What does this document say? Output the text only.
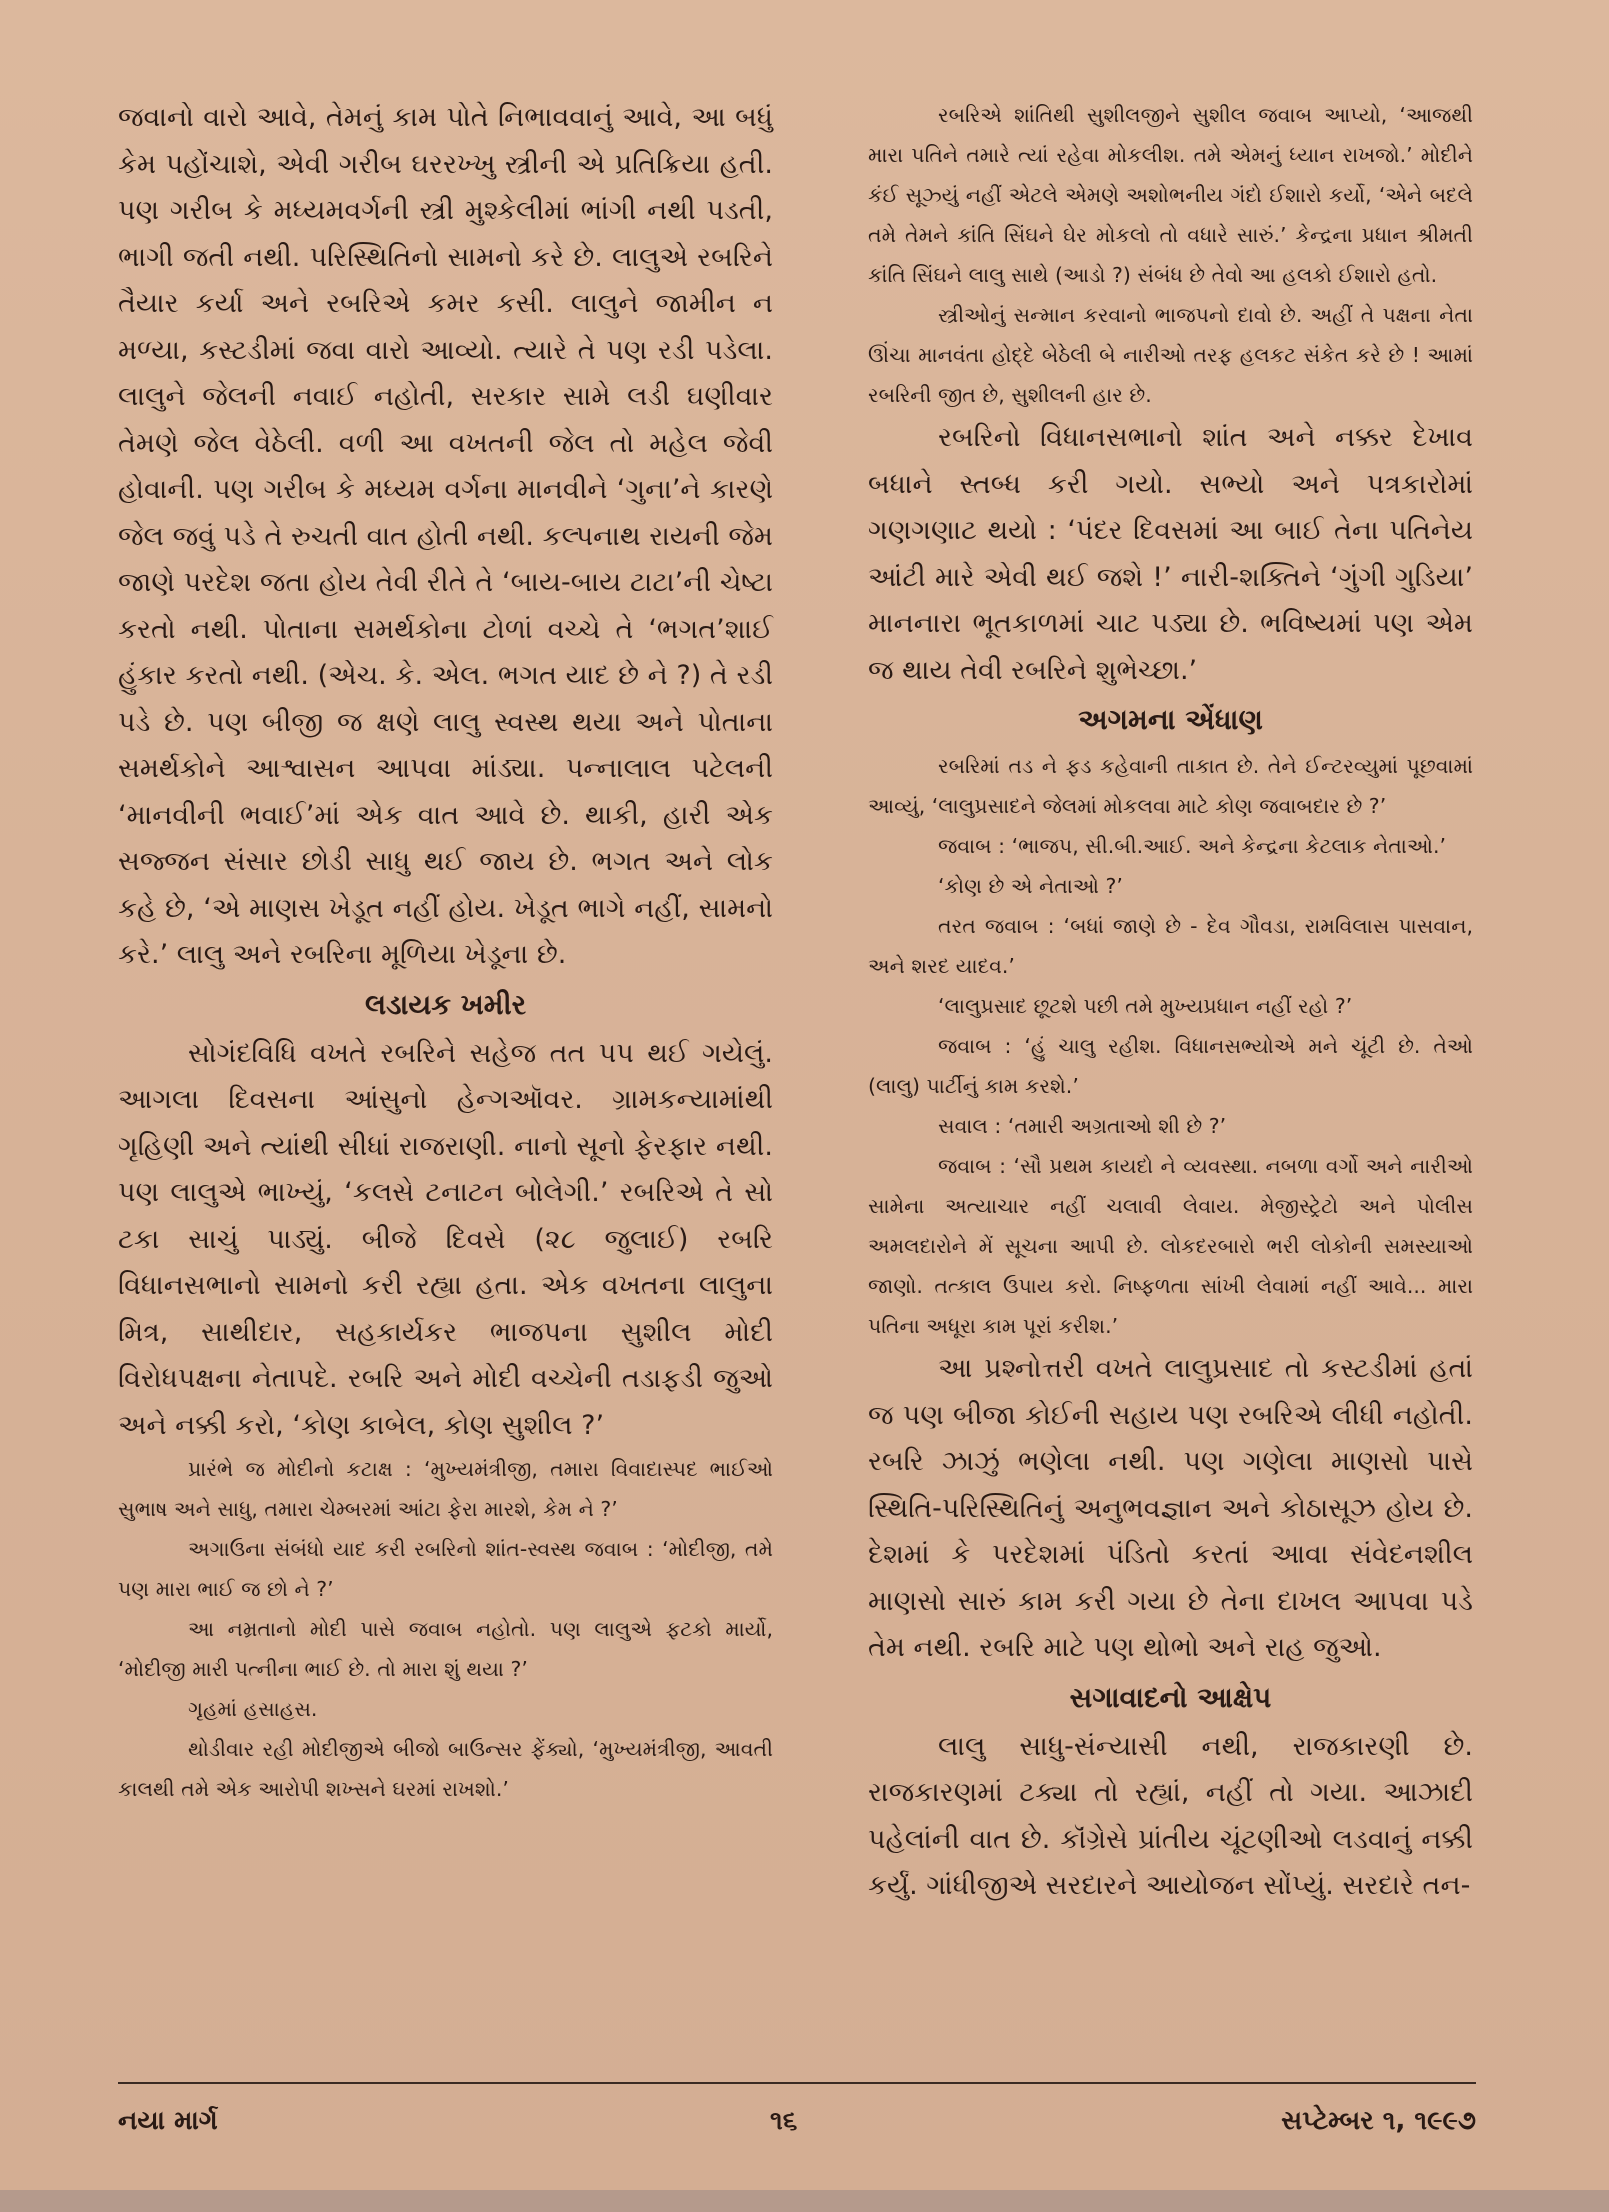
જવાનો વારો આવે, તેમનું કામ પોતે નિભાવવાનું આવે, આ બધું કેમ પહોંચાશે, એવી ગરીબ ઘરરખ્ખુ સ્ત્રીની એ પ્રતિક્રિયા હતી. પણ ગરીબ કે મધ્યમવર્ગની સ્ત્રી મુશ્કેલીમાં ભાંગી નથી પડતી, ભાગી જતી નથી. પરિસ્થિતિનો સામનો કરે છે. લાલુએ રબરિને તૈયાર કર્યા અને રબરિએ કમર કસી. લાલુને જામીન ન મળ્યા, કસ્ટડીમાં જવા વારો આવ્યો. ત્યારે તે પણ રડી પડેલા. લાલુને જેલની નવાઈ નહોતી, સરકાર સામે લડી ઘણીવાર તેમણે જેલ વેઠેલી. વળી આ વખતની જેલ તો મહેલ જેવી હોવાની. પણ ગરીબ કે મધ્યમ વર્ગના માનવીને ‘ગુના’ને કારણે જેલ જવું પડે તે રુચતી વાત હોતી નથી. કલ્પનાથ રાયની જેમ જાણે પરદેશ જતા હોય તેવી રીતે તે ‘બાય-બાય ટાટા’ની ચેષ્ટા કરતો નથી. પોતાના સમર્થકોના ટોળાં વચ્ચે તે ‘ભગત’શાઈ હુંકાર કરતો નથી. (એચ. કે. એલ. ભગત યાદ છે ને ?) તે રડી પડે છે. પણ બીજી જ ક્ષણે લાલુ સ્વસ્થ થયા અને પોતાના સમર્થકોને આશ્વાસન આપવા માંડ્યા. પન્નાલાલ પટેલની ‘માનવીની ભવાઈ’માં એક વાત આવે છે. થાકી, હારી એક સજ્જન સંસાર છોડી સાધુ થઈ જાય છે. ભગત અને લોક કહે છે, ‘એ માણસ ખેડૂત નહીં હોય. ખેડૂત ભાગે નહીં, સામનો કરે.’ લાલુ અને રબરિના મૂળિયા ખેડૂના છે.

લડાયક ખમીર

સોગંદવિધિ વખતે રબરિને સહેજ તત પપ થઈ ગયેલું. આગલા દિવસના આંસુનો હેન્ગઑવર. ગ્રામકન્યામાંથી ગૃહિણી અને ત્યાંથી સીધાં રાજરાણી. નાનો સૂનો ફેરફાર નથી. પણ લાલુએ ભાખ્યું, ‘કલસે ટનાટન બોલેગી.’ રબરિએ તે સો ટકા સાચું પાડ્યું. બીજે દિવસે (૨૮ જુલાઈ) રબરિ વિધાનસભાનો સામનો કરી રહ્યા હતા. એક વખતના લાલુના મિત્ર, સાથીદાર, સહકાર્યકર ભાજપના સુશીલ મોદી વિરોધપક્ષના નેતાપદે. રબરિ અને મોદી વચ્ચેની તડાફડી જુઓ અને નક્કી કરો, ‘કોણ કાબેલ, કોણ સુશીલ ?’

પ્રારંભે જ મોદીનો કટાક્ષ : ‘મુખ્યમંત્રીજી, તમારા વિવાદાસ્પદ ભાઈઓ સુભાષ અને સાધુ, તમારા ચેમ્બરમાં આંટા ફેરા મારશે, કેમ ને ?’

અગાઉના સંબંધો યાદ કરી રબરિનો શાંત-સ્વસ્થ જવાબ : ‘મોદીજી, તમે પણ મારા ભાઈ જ છો ને ?’

આ નમ્રતાનો મોદી પાસે જવાબ નહોતો. પણ લાલુએ ફટકો માર્યો, ‘મોદીજી મારી પત્નીના ભાઈ છે. તો મારા શું થયા ?’

ગૃહમાં હસાહસ.

થોડીવાર રહી મોદીજીએ બીજો બાઉન્સર ફેંક્યો, ‘મુખ્યમંત્રીજી, આવતી કાલથી તમે એક આરોપી શખ્સને ઘરમાં રાખશો.’

રબરિએ શાંતિથી સુશીલજીને સુશીલ જવાબ આપ્યો, ‘આજથી મારા પતિને તમારે ત્યાં રહેવા મોકલીશ. તમે એમનું ધ્યાન રાખજો.’ મોદીને કંઈ સૂઝ્યું નહીં એટલે એમણે અશોભનીય ગંદો ઈશારો કર્યો, ‘એને બદલે તમે તેમને કાંતિ સિંઘને ઘેર મોકલો તો વધારે સારું.’ કેન્દ્રના પ્રધાન શ્રીમતી કાંતિ સિંઘને લાલુ સાથે (આડો ?) સંબંધ છે તેવો આ હલકો ઈશારો હતો.

સ્ત્રીઓનું સન્માન કરવાનો ભાજપનો દાવો છે. અહીં તે પક્ષના નેતા ઊંચા માનવંતા હોદ્દે બેઠેલી બે નારીઓ તરફ હલકટ સંકેત કરે છે ! આમાં રબરિની જીત છે, સુશીલની હાર છે.

રબરિનો વિધાનસભાનો શાંત અને નક્કર દેખાવ બધાને સ્તબ્ધ કરી ગયો. સભ્યો અને પત્રકારોમાં ગણગણાટ થયો : ‘પંદર દિવસમાં આ બાઈ તેના પતિનેય આંટી મારે એવી થઈ જશે !’ નારી-શક્તિને ‘ગુંગી ગુડિયા’ માનનારા ભૂતકાળમાં ચાટ પડ્યા છે. ભવિષ્યમાં પણ એમ જ થાય તેવી રબરિને શુભેચ્છા.’

અગમના એંધાણ

રબરિમાં તડ ને ફડ કહેવાની તાકાત છે. તેને ઈન્ટરવ્યુમાં પૂછવામાં આવ્યું, ‘લાલુપ્રસાદને જેલમાં મોકલવા માટે કોણ જવાબદાર છે ?’

જવાબ : ‘ભાજપ, સી.બી.આઈ. અને કેન્દ્રના કેટલાક નેતાઓ.’

‘કોણ છે એ નેતાઓ ?’

તરત જવાબ : ‘બધાં જાણે છે - દેવ ગૌવડા, રામવિલાસ પાસવાન, અને શરદ યાદવ.’

‘લાલુપ્રસાદ છૂટશે પછી તમે મુખ્યપ્રધાન નહીં રહો ?’

જવાબ : ‘હું ચાલુ રહીશ. વિધાનસભ્યોએ મને ચૂંટી છે. તેઓ (લાલુ) પાર્ટીનું કામ કરશે.’

સવાલ : ‘તમારી અગ્રતાઓ શી છે ?’

જવાબ : ‘સૌ પ્રથમ કાયદો ને વ્યવસ્થા. નબળા વર્ગો અને નારીઓ સામેના અત્યાચાર નહીં ચલાવી લેવાય. મેજીસ્ટ્રેટો અને પોલીસ અમલદારોને મેં સૂચના આપી છે. લોકદરબારો ભરી લોકોની સમસ્યાઓ જાણો. તત્કાલ ઉપાય કરો. નિષ્ફળતા સાંખી લેવામાં નહીં આવે... મારા પતિના અધૂરા કામ પૂરાં કરીશ.’

આ પ્રશ્નોત્તરી વખતે લાલુપ્રસાદ તો કસ્ટડીમાં હતાં જ પણ બીજા કોઈની સહાય પણ રબરિએ લીધી નહોતી. રબરિ ઝાઝું ભણેલા નથી. પણ ગણેલા માણસો પાસે સ્થિતિ-પરિસ્થિતિનું અનુભવજ્ઞાન અને કોઠાસૂઝ હોય છે. દેશમાં કે પરદેશમાં પંડિતો કરતાં આવા સંવેદનશીલ માણસો સારું કામ કરી ગયા છે તેના દાખલ આપવા પડે તેમ નથી. રબરિ માટે પણ થોભો અને રાહ જુઓ.

સગાવાદનો આક્ષેપ

લાલુ સાધુ-સંન્યાસી નથી, રાજકારણી છે. રાજકારણમાં ટક્યા તો રહ્યાં, નહીં તો ગયા. આઝાદી પહેલાંની વાત છે. કૉંગ્રેસે પ્રાંતીય ચૂંટણીઓ લડવાનું નક્કી કર્યું. ગાંધીજીએ સરદારને આયોજન સોંપ્યું. સરદારે તન-

નયા માર્ગ	૧૬	સપ્ટેમ્બર ૧, ૧૯૯૭
